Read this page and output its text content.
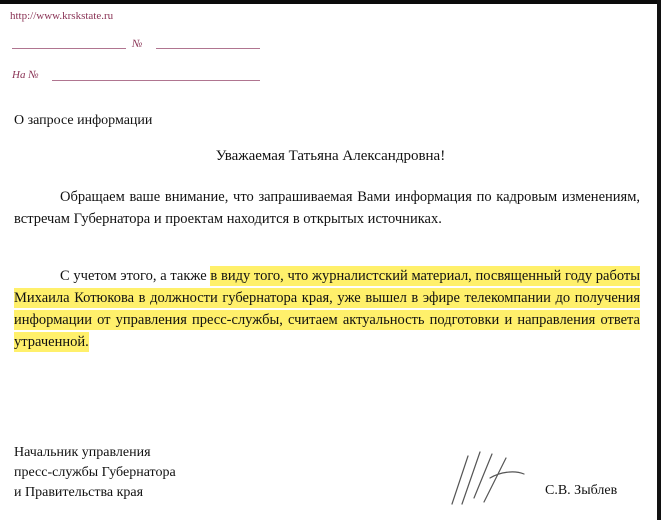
http://www.krskstate.ru
№
На №
О запросе информации
Уважаемая Татьяна Александровна!
Обращаем ваше внимание, что запрашиваемая Вами информация по кадровым изменениям, встречам Губернатора и проектам находится в открытых источниках.
С учетом этого, а также в виду того, что журналистский материал, посвященный году работы Михаила Котюкова в должности губернатора края, уже вышел в эфире телекомпании до получения информации от управления пресс-службы, считаем актуальность подготовки и направления ответа утраченной.
Начальник управления
пресс-службы Губернатора
и Правительства края	С.В. Зыблев
